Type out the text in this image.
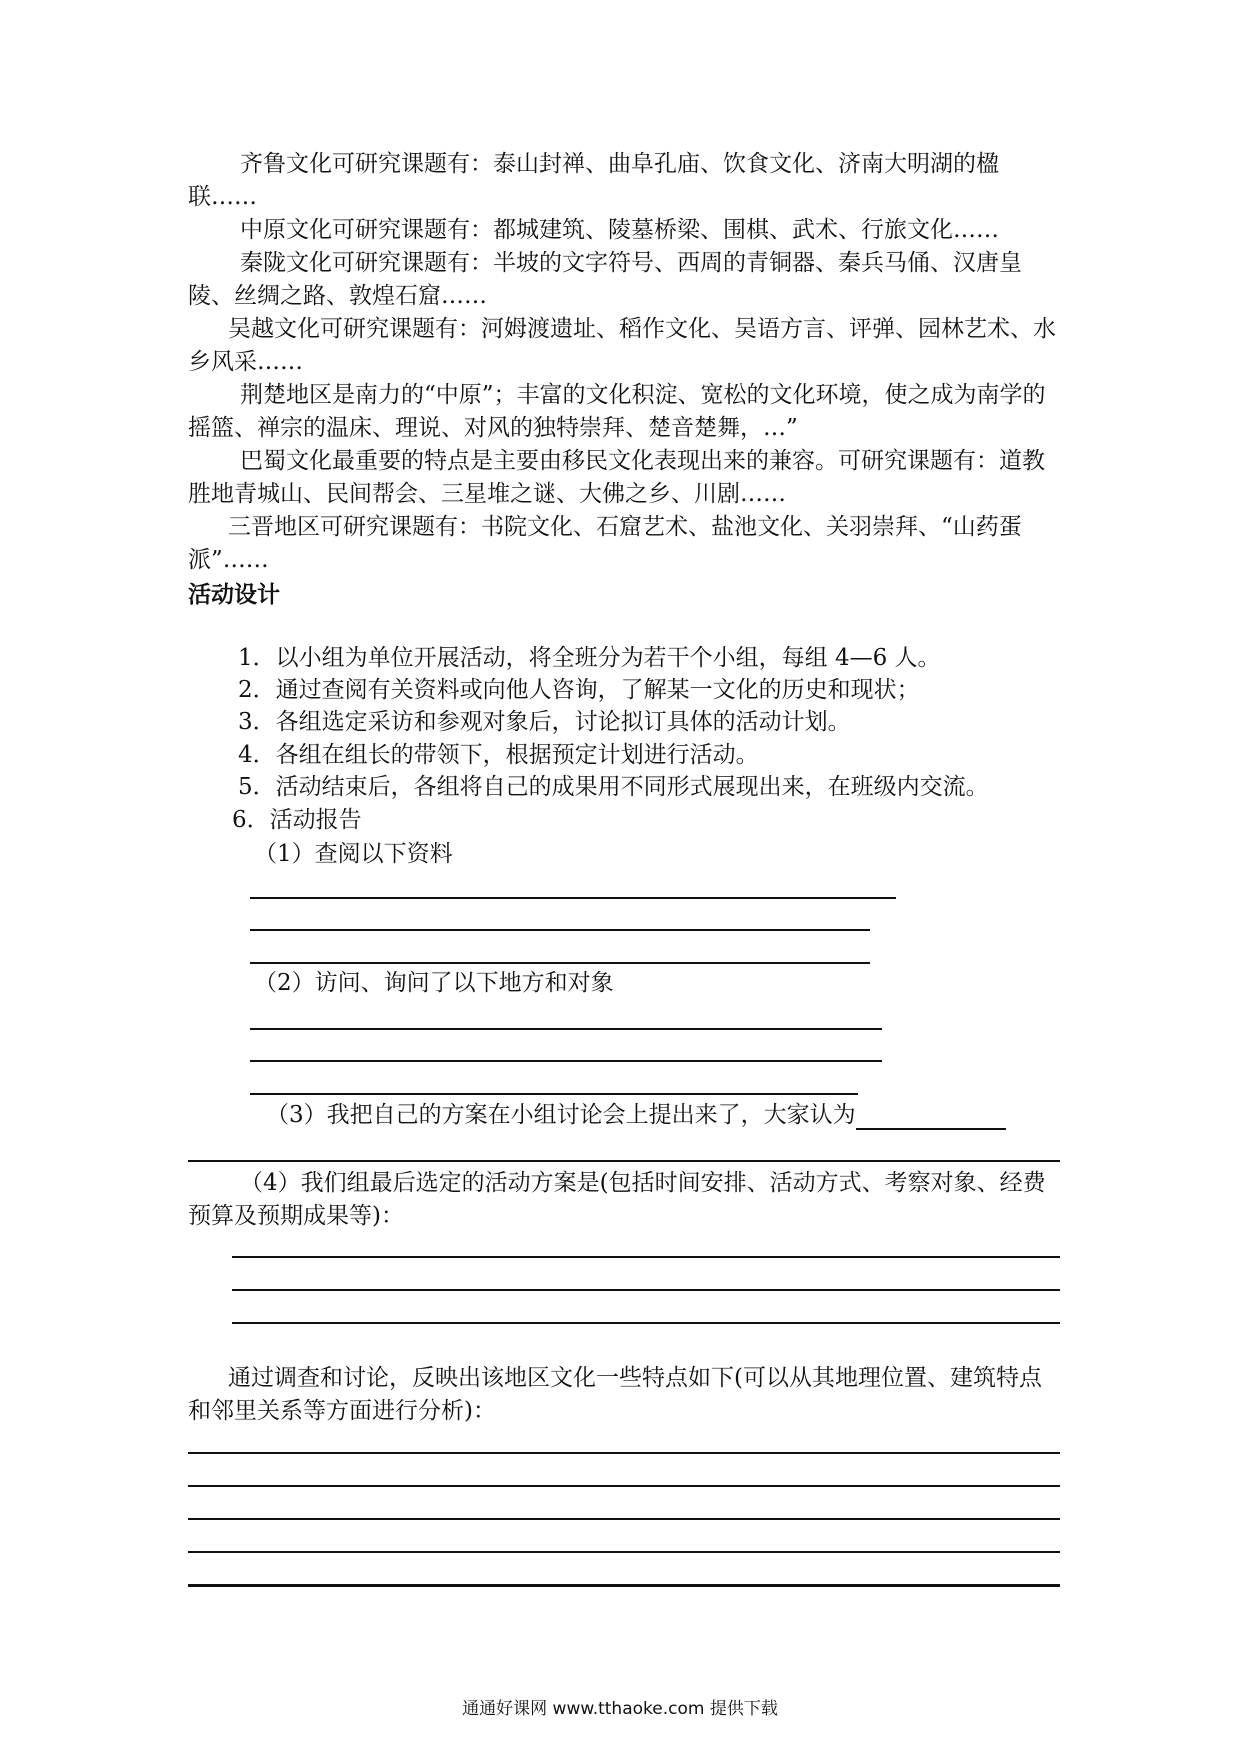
齐鲁文化可研究课题有：泰山封禅、曲阜孔庙、饮食文化、济南大明湖的楹联……

中原文化可研究课题有：都城建筑、陵墓桥梁、围棋、武术、行旅文化……

秦陇文化可研究课题有：半坡的文字符号、西周的青铜器、秦兵马俑、汉唐皇陵、丝绸之路、敦煌石窟……

吴越文化可研究课题有：河姆渡遗址、稻作文化、吴语方言、评弹、园林艺术、水乡风采……

荆楚地区是南力的“中原”；丰富的文化积淀、宽松的文化环境，使之成为南学的摇篮、禅宗的温床、理说、对风的独特崇拜、楚音楚舞，…”

巴蜀文化最重要的特点是主要由移民文化表现出来的兼容。可研究课题有：道教胜地青城山、民间帮会、三星堆之谜、大佛之乡、川剧……

三晋地区可研究课题有：书院文化、石窟艺术、盐池文化、关羽崇拜、“山药蛋派”……

活动设计
1．以小组为单位开展活动，将全班分为若干个小组，每组 4—6 人。
2．通过查阅有关资料或向他人咨询，了解某一文化的历史和现状；
3．各组选定采访和参观对象后，讨论拟订具体的活动计划。
4．各组在组长的带领下，根据预定计划进行活动。
5．活动结束后，各组将自己的成果用不同形式展现出来，在班级内交流。
6．活动报告
（1）查阅以下资料
（2）访问、询问了以下地方和对象
（3）我把自己的方案在小组讨论会上提出来了，大家认为

（4）我们组最后选定的活动方案是(包括时间安排、活动方式、考察对象、经费预算及预期成果等)：

通过调查和讨论，反映出该地区文化一些特点如下(可以从其地理位置、建筑特点和邻里关系等方面进行分析)：

通通好课网 www.tthaoke.com 提供下载
